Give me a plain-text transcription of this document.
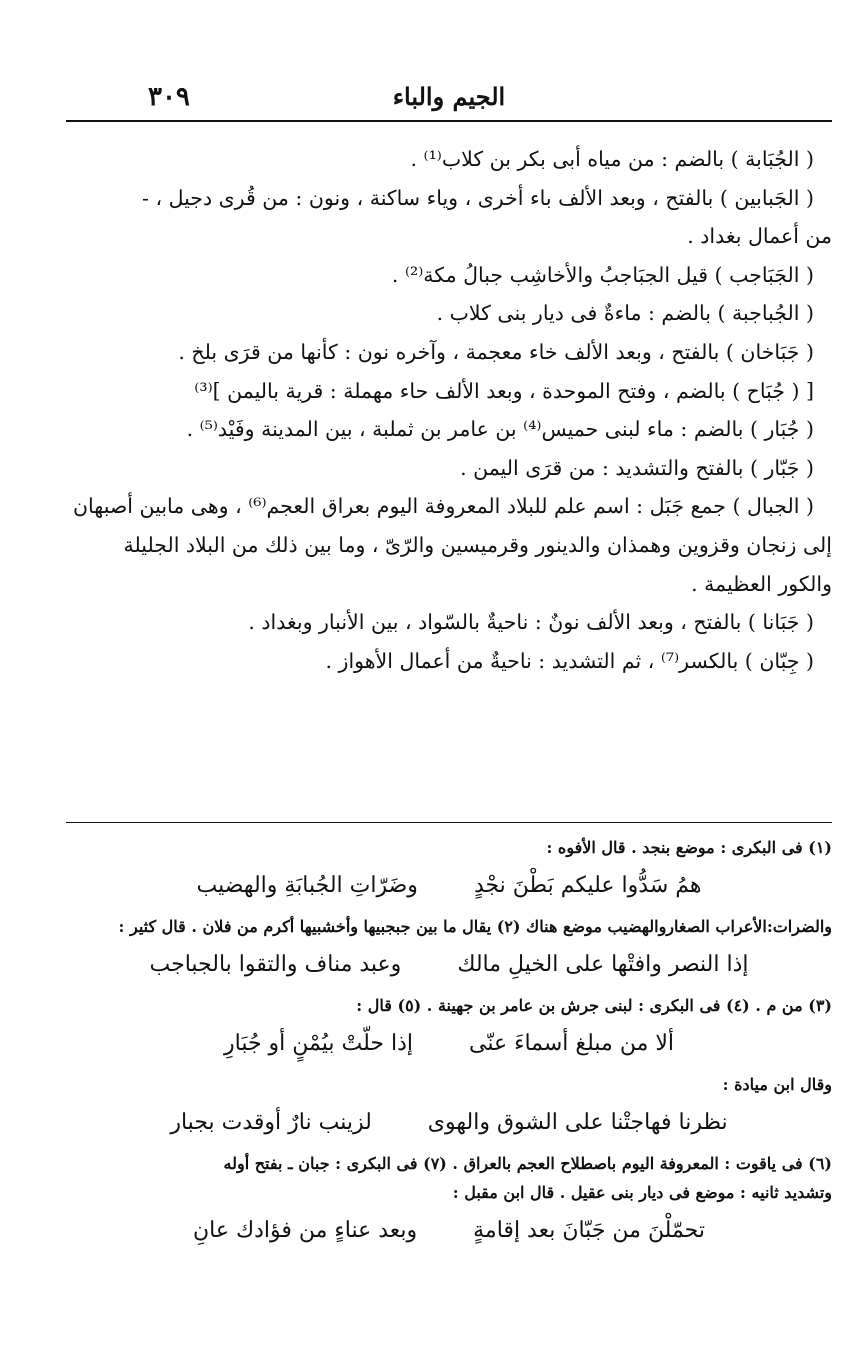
٣٠٩	الجيم والباء

( الجُبَابة ) بالضم : من مياه أبى بكر بن كلاب⁽¹⁾ .

( الجَبابين ) بالفتح ، وبعد الألف باء أخرى ، وياء ساكنة ، ونون : من قُرى دجيل ، -

من أعمال بغداد .

( الجَبَاجب ) قيل الجبَاجبُ والأخاشِب جبالُ مكة⁽²⁾ .

( الجُباجبة ) بالضم : ماءةٌ فى ديار بنى كلاب .

( جَبَاخان ) بالفتح ، وبعد الألف خاء معجمة ، وآخره نون : كأنها من قرَى بلخ .

[ ( جُبَاح ) بالضم ، وفتح الموحدة ، وبعد الألف حاء مهملة : قرية باليمن ]⁽³⁾

( جُبَار ) بالضم : ماء لبنى حميس⁽⁴⁾ بن عامر بن ثملبة ، بين المدينة وفَيْد⁽⁵⁾ .

( جَبّار ) بالفتح والتشديد : من قرَى اليمن .

( الجبال ) جمع جَبَل : اسم علم للبلاد المعروفة اليوم بعراق العجم⁽⁶⁾ ، وهى مابين أصبهان

إلى زنجان وقزوين وهمذان والدينور وقرميسين والرّىّ ، وما بين ذلك من البلاد الجليلة

والكور العظيمة .

( جَبَانا ) بالفتح ، وبعد الألف نونٌ : ناحيةٌ بالسّواد ، بين الأنبار وبغداد .

( جِبّان ) بالكسر⁽⁷⁾ ، ثم التشديد : ناحيةٌ من أعمال الأهواز .

(١) فى البكرى : موضع بنجد . قال الأفوه :

همُ سَدُّوا عليكم بَطْنَ نجْدٍ
وضَرّاتِ الجُبابَةِ والهضيب

والضرات:الأعراب الصغاروالهضيب موضع هناك (٢) يقال ما بين جبجبيها وأخشبيها أكرم من فلان . قال كثير :

إذا النصر وافتْها على الخيلِ مالك
وعبد مناف والتقوا بالجباجب

(٣) من م . (٤) فى البكرى : لبنى جرش بن عامر بن جهينة . (٥) قال :

ألا من مبلغ أسماءَ عنّى
إذا حلّتْ بيُمْنٍ أو جُبَارِ

وقال ابن ميادة :

نظرنا فهاجتْنا على الشوق والهوى
لزينب نارٌ أوقدت بجبار

(٦) فى ياقوت : المعروفة اليوم باصطلاح العجم بالعراق . (٧) فى البكرى : جبان ـ بفتح أوله

وتشديد ثانيه : موضع فى ديار بنى عقيل . قال ابن مقبل :

تحمّلْنَ من جَبّانَ بعد إقامةٍ
وبعد عناءٍ من فؤادك عانِ
